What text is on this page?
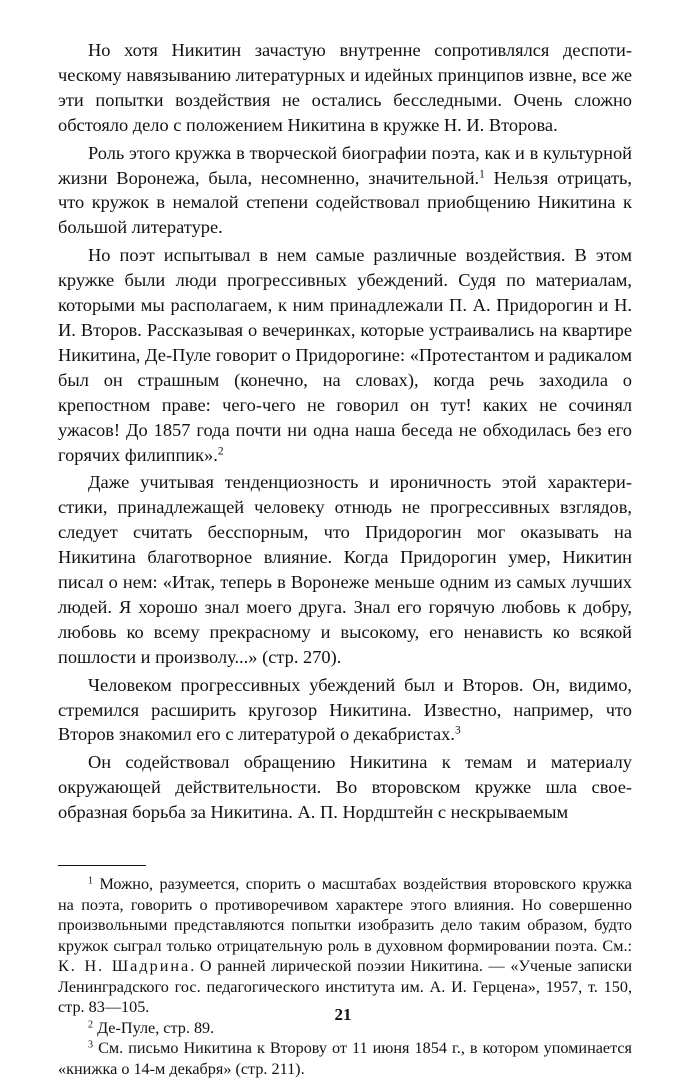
Но хотя Никитин зачастую внутренне сопротивлялся деспотическому навязыванию литературных и идейных принципов извне, все же эти попытки воздействия не остались бесследными. Очень сложно обстояло дело с положением Никитина в кружке Н. И. Второва.

Роль этого кружка в творческой биографии поэта, как и в культурной жизни Воронежа, была, несомненно, значительной.$^1$ Нельзя отрицать, что кружок в немалой степени содействовал приобщению Никитина к большой литературе.

Но поэт испытывал в нем самые различные воздействия. В этом кружке были люди прогрессивных убеждений. Судя по материалам, которыми мы располагаем, к ним принадлежали П. А. Придорогин и Н. И. Второв. Рассказывая о вечеринках, которые устраивались на квартире Никитина, Де-Пуле говорит о Придорогине: «Протестантом и радикалом был он страшным (конечно, на словах), когда речь заходила о крепостном праве: чего-чего не говорил он тут! каких не сочинял ужасов! До 1857 года почти ни одна наша беседа не обходилась без его горячих филиппик».$^2$

Даже учитывая тенденциозность и ироничность этой характеристики, принадлежащей человеку отнюдь не прогрессивных взглядов, следует считать бесспорным, что Придорогин мог оказывать на Никитина благотворное влияние. Когда Придорогин умер, Никитин писал о нем: «Итак, теперь в Воронеже меньше одним из самых лучших людей. Я хорошо знал моего друга. Знал его горячую любовь к добру, любовь ко всему прекрасному и высокому, его ненависть ко всякой пошлости и произволу...» (стр. 270).

Человеком прогрессивных убеждений был и Второв. Он, видимо, стремился расширить кругозор Никитина. Известно, например, что Второв знакомил его с литературой о декабристах.$^3$

Он содействовал обращению Никитина к темам и материалу окружающей действительности. Во второвском кружке шла своеобразная борьба за Никитина. А. П. Нордштейн с нескрываемым

$^1$ Можно, разумеется, спорить о масштабах воздействия второвского кружка на поэта, говорить о противоречивом характере этого влияния. Но совершенно произвольными представляются попытки изобразить дело таким образом, будто кружок сыграл только отрицательную роль в духовном формировании поэта. См.: К. Н. Шадрина. О ранней лирической поэзии Никитина. — «Ученые записки Ленинградского гос. педагогического института им. А. И. Герцена», 1957, т. 150, стр. 83—105.

$^2$ Де-Пуле, стр. 89.

$^3$ См. письмо Никитина к Второву от 11 июня 1854 г., в котором упоминается «книжка о 14-м декабря» (стр. 211).

21
